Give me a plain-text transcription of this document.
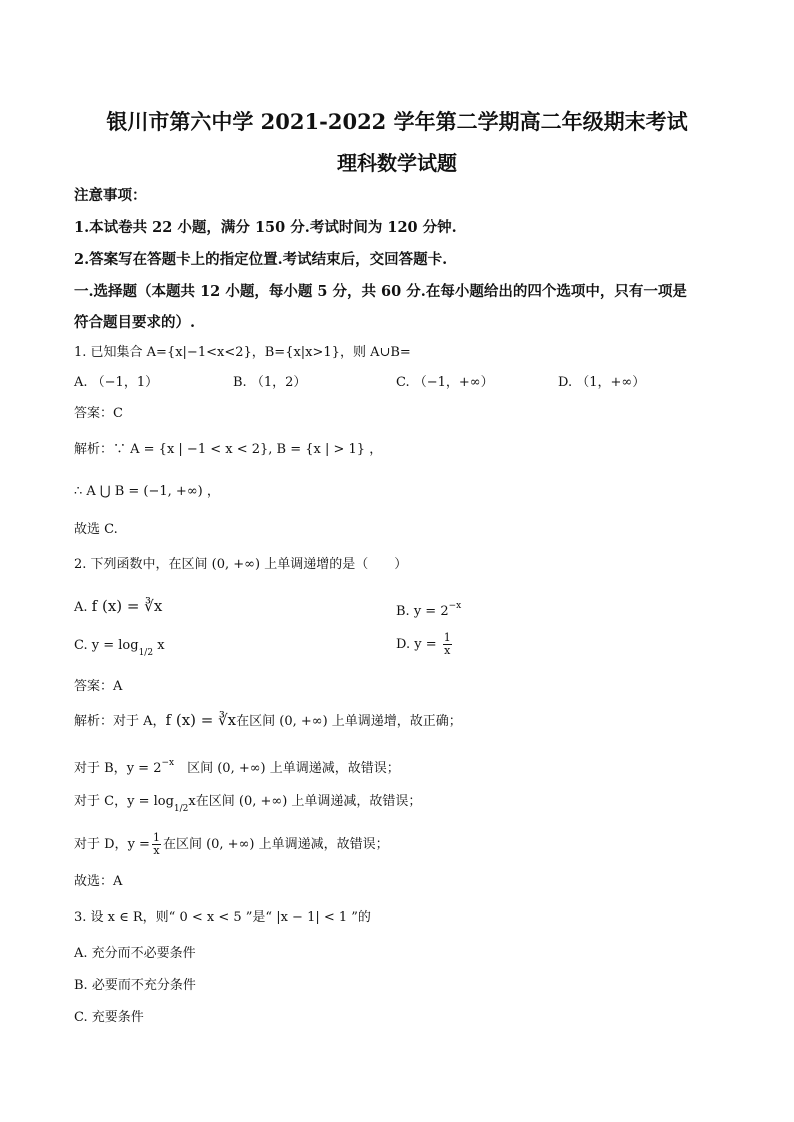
银川市第六中学 2021-2022 学年第二学期高二年级期末考试
理科数学试题
注意事项：
1.本试卷共 22 小题，满分 150 分.考试时间为 120 分钟.
2.答案写在答题卡上的指定位置.考试结束后，交回答题卡.
一.选择题（本题共 12 小题，每小题 5 分，共 60 分.在每小题给出的四个选项中，只有一项是
符合题目要求的）.
1. 已知集合 A={x|−1<x<2}，B={x|x>1}，则 A∪B=
A. （−1，1）	B. （1，2）	C. （−1，+∞）	D. （1，+∞）
答案：C
解析：∵ A = {x | −1 < x < 2}, B = {x | > 1} ，
∴ A ⋃ B = (−1, +∞) ，
故选 C.
2. 下列函数中，在区间 (0, +∞) 上单调递增的是（　　）
A. f (x) = ∛x	B. $y = 2^{-x}$
C. $y = \log_{1/2} x$	D. $y = \frac{1}{x}$
答案：A
解析：对于 A，f (x) = ∛x在区间 (0, +∞) 上单调递增，故正确；
对于 B，$y = 2^{-x}$　区间 (0, +∞) 上单调递减，故错误；
对于 C，$y = \log_{1/2}x$在区间 (0, +∞) 上单调递减，故错误；
对于 D，$y = \frac{1}{x}$ 在区间 (0, +∞) 上单调递减，故错误；
故选：A
3. 设 x ∈ R，则“ 0 < x < 5 ”是“ |x − 1| < 1 ”的
A. 充分而不必要条件
B. 必要而不充分条件
C. 充要条件
